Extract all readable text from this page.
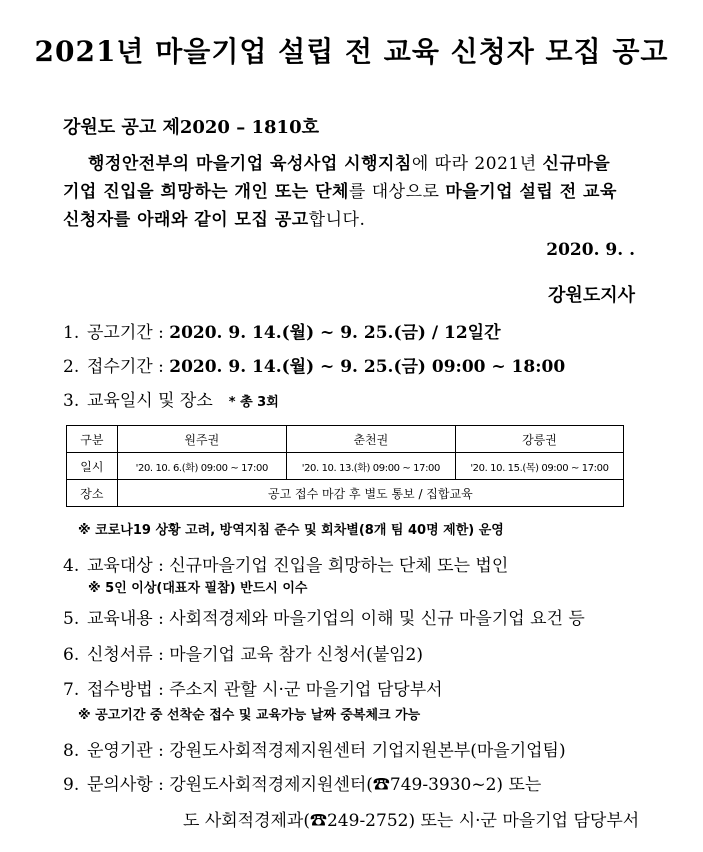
2021년 마을기업 설립 전 교육 신청자 모집 공고
강원도 공고 제2020 – 1810호
행정안전부의 마을기업 육성사업 시행지침에 따라 2021년 신규마을
기업 진입을 희망하는 개인 또는 단체를 대상으로 마을기업 설립 전 교육
신청자를 아래와 같이 모집 공고합니다.
2020. 9. .
강원도지사
1. 공고기간 : 2020. 9. 14.(월) ~ 9. 25.(금) / 12일간
2. 접수기간 : 2020. 9. 14.(월) ~ 9. 25.(금) 09:00 ~ 18:00
3. 교육일시 및 장소 * 총 3회
구분	원주권	춘천권	강릉권
일시	'20. 10. 6.(화) 09:00 ~ 17:00	'20. 10. 13.(화) 09:00 ~ 17:00	'20. 10. 15.(목) 09:00 ~ 17:00
장소	공고 접수 마감 후 별도 통보 / 집합교육		
※ 코로나19 상황 고려, 방역지침 준수 및 회차별(8개 팀 40명 제한) 운영
4. 교육대상 : 신규마을기업 진입을 희망하는 단체 또는 법인
※ 5인 이상(대표자 필참) 반드시 이수
5. 교육내용 : 사회적경제와 마을기업의 이해 및 신규 마을기업 요건 등
6. 신청서류 : 마을기업 교육 참가 신청서(붙임2)
7. 접수방법 : 주소지 관할 시·군 마을기업 담당부서
※ 공고기간 중 선착순 접수 및 교육가능 날짜 중복체크 가능
8. 운영기관 : 강원도사회적경제지원센터 기업지원본부(마을기업팀)
9. 문의사항 : 강원도사회적경제지원센터(☎749-3930~2) 또는
도 사회적경제과(☎249-2752) 또는 시·군 마을기업 담당부서
